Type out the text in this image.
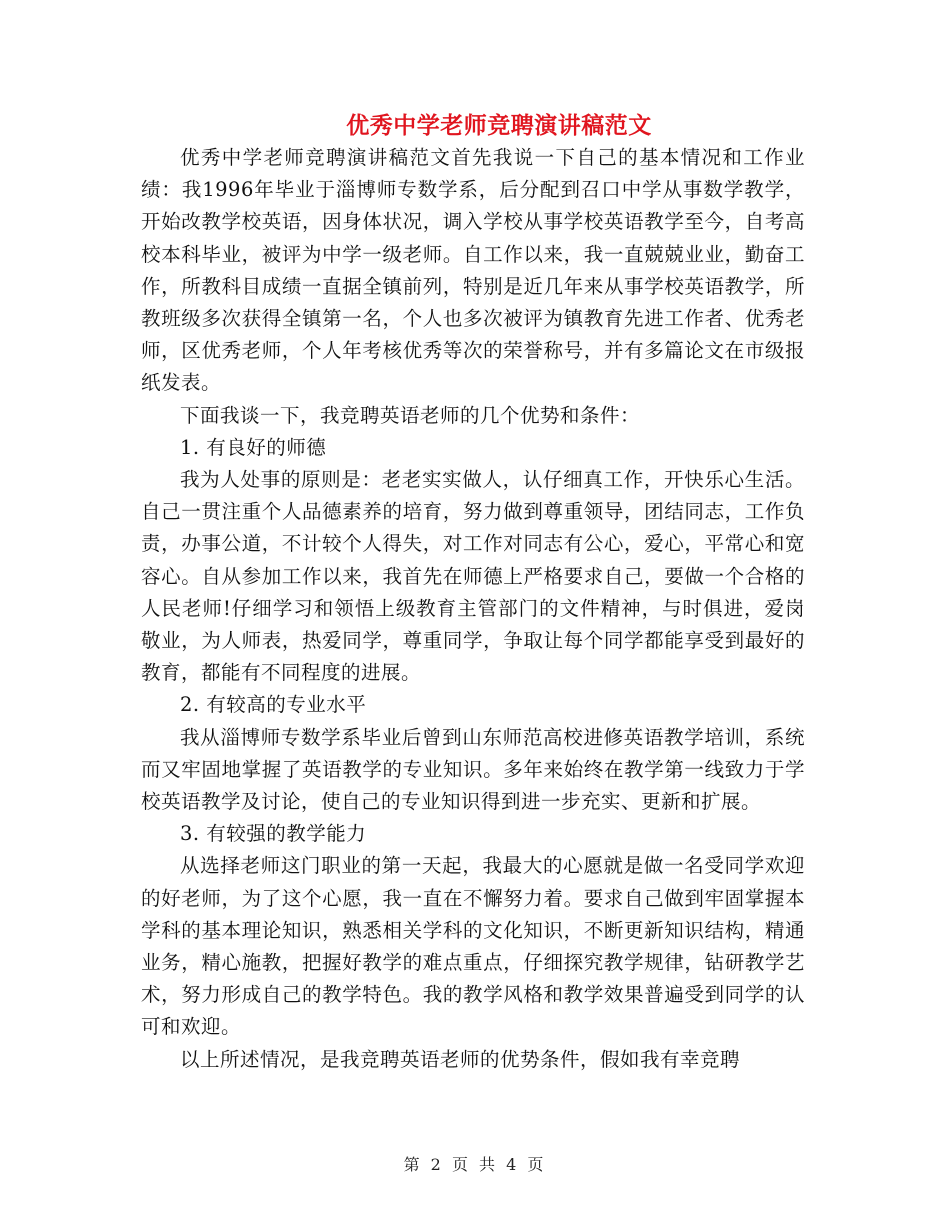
优秀中学老师竞聘演讲稿范文

优秀中学老师竞聘演讲稿范文首先我说一下自己的基本情况和工作业绩：我1996年毕业于淄博师专数学系，后分配到召口中学从事数学教学，开始改教学校英语，因身体状况，调入学校从事学校英语教学至今，自考高校本科毕业，被评为中学一级老师。自工作以来，我一直兢兢业业，勤奋工作，所教科目成绩一直据全镇前列，特别是近几年来从事学校英语教学，所教班级多次获得全镇第一名，个人也多次被评为镇教育先进工作者、优秀老师，区优秀老师，个人年考核优秀等次的荣誉称号，并有多篇论文在市级报纸发表。

下面我谈一下，我竞聘英语老师的几个优势和条件：

1. 有良好的师德

我为人处事的原则是：老老实实做人，认仔细真工作，开快乐心生活。自己一贯注重个人品德素养的培育，努力做到尊重领导，团结同志，工作负责，办事公道，不计较个人得失，对工作对同志有公心，爱心，平常心和宽容心。自从参加工作以来，我首先在师德上严格要求自己，要做一个合格的人民老师!仔细学习和领悟上级教育主管部门的文件精神，与时俱进，爱岗敬业，为人师表，热爱同学，尊重同学，争取让每个同学都能享受到最好的教育，都能有不同程度的进展。

2. 有较高的专业水平

我从淄博师专数学系毕业后曾到山东师范高校进修英语教学培训，系统而又牢固地掌握了英语教学的专业知识。多年来始终在教学第一线致力于学校英语教学及讨论，使自己的专业知识得到进一步充实、更新和扩展。

3. 有较强的教学能力

从选择老师这门职业的第一天起，我最大的心愿就是做一名受同学欢迎的好老师，为了这个心愿，我一直在不懈努力着。要求自己做到牢固掌握本学科的基本理论知识，熟悉相关学科的文化知识，不断更新知识结构，精通业务，精心施教，把握好教学的难点重点，仔细探究教学规律，钻研教学艺术，努力形成自己的教学特色。我的教学风格和教学效果普遍受到同学的认可和欢迎。

以上所述情况，是我竞聘英语老师的优势条件，假如我有幸竞聘

第 2 页 共 4 页
